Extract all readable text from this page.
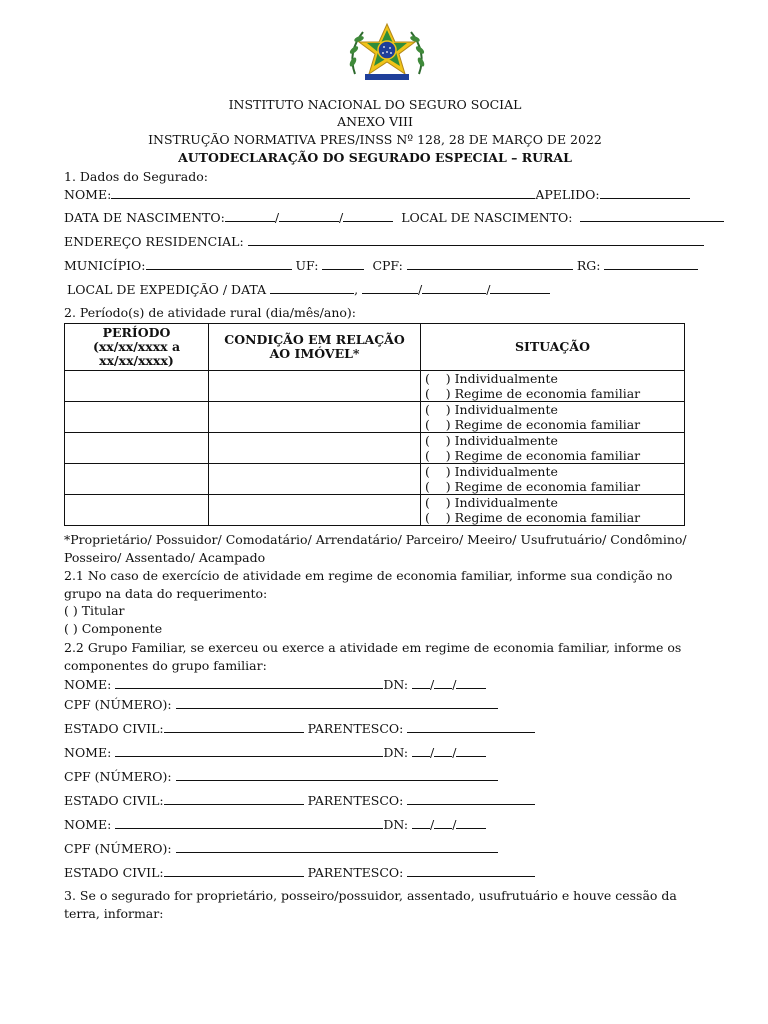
INSTITUTO NACIONAL DO SEGURO SOCIAL
ANEXO VIII
INSTRUÇÃO NORMATIVA PRES/INSS Nº 128, 28 DE MARÇO DE 2022
AUTODECLARAÇÃO DO SEGURADO ESPECIAL – RURAL
1. Dados do Segurado:
NOME:	APELIDO:
DATA DE NASCIMENTO:	/	/	LOCAL DE NASCIMENTO:
ENDEREÇO RESIDENCIAL:
MUNICÍPIO:	UF:	CPF:	RG:
LOCAL DE EXPEDIÇÃO / DATA	,	/	/
2. Período(s) de atividade rural (dia/mês/ano):
PERÍODO (xx/xx/xxxx a xx/xx/xxxx)	CONDIÇÃO EM RELAÇÃO AO IMÓVEL*	SITUAÇÃO

		(    ) Individualmente
(    ) Regime de economia familiar

		(    ) Individualmente
(    ) Regime de economia familiar

		(    ) Individualmente
(    ) Regime de economia familiar

		(    ) Individualmente
(    ) Regime de economia familiar

		(    ) Individualmente
(    ) Regime de economia familiar
*Proprietário/ Possuidor/ Comodatário/ Arrendatário/ Parceiro/ Meeiro/ Usufrutuário/ Condômino/ Posseiro/ Assentado/ Acampado
2.1 No caso de exercício de atividade em regime de economia familiar, informe sua condição no grupo na data do requerimento:
( ) Titular
( ) Componente
2.2 Grupo Familiar, se exerceu ou exerce a atividade em regime de economia familiar, informe os componentes do grupo familiar:
NOME:	DN: / /
CPF (NÚMERO):
ESTADO CIVIL:	PARENTESCO:
NOME:	DN: / /
CPF (NÚMERO):
ESTADO CIVIL:	PARENTESCO:
NOME:	DN: / /
CPF (NÚMERO):
ESTADO CIVIL:	PARENTESCO:
3. Se o segurado for proprietário, posseiro/possuidor, assentado, usufrutuário e houve cessão da terra, informar:
